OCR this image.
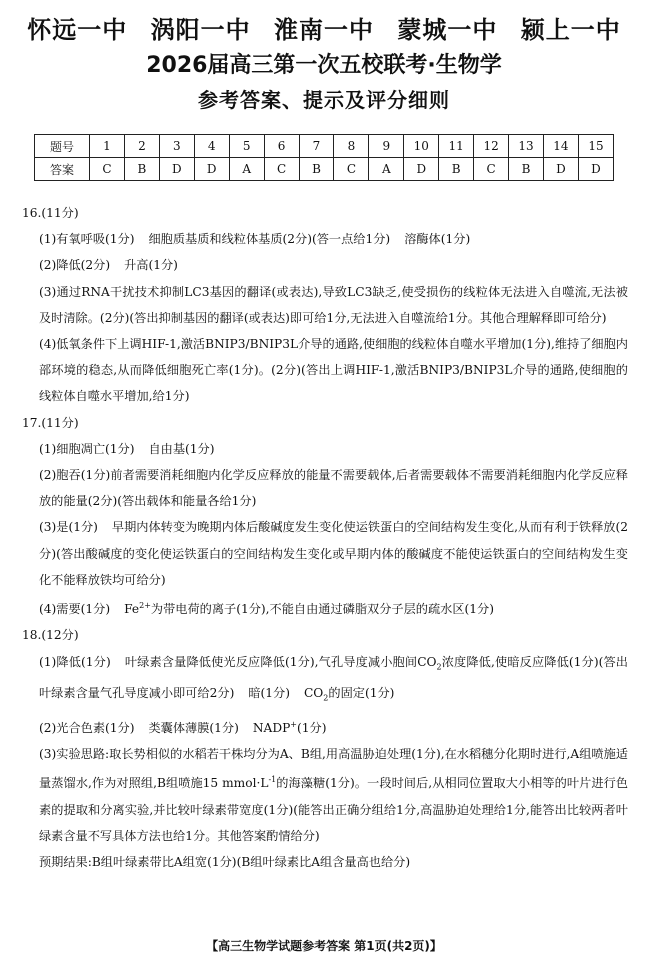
怀远一中 涡阳一中 淮南一中 蒙城一中 颍上一中
2026届高三第一次五校联考·生物学
参考答案、提示及评分细则
题号	1	2	3	4	5	6	7	8	9	10	11	12	13	14	15
答案	C	B	D	D	A	C	B	C	A	D	B	C	B	D	D
16.(11分)
(1)有氧呼吸(1分) 细胞质基质和线粒体基质(2分)(答一点给1分) 溶酶体(1分)
(2)降低(2分) 升高(1分)
(3)通过RNA干扰技术抑制LC3基因的翻译(或表达),导致LC3缺乏,使受损伤的线粒体无法进入自噬流,无法被及时清除。(2分)(答出抑制基因的翻译(或表达)即可给1分,无法进入自噬流给1分。其他合理解释即可给分)
(4)低氧条件下上调HIF-1,激活BNIP3/BNIP3L介导的通路,使细胞的线粒体自噬水平增加(1分),维持了细胞内部环境的稳态,从而降低细胞死亡率(1分)。(2分)(答出上调HIF-1,激活BNIP3/BNIP3L介导的通路,使细胞的线粒体自噬水平增加,给1分)
17.(11分)
(1)细胞凋亡(1分) 自由基(1分)
(2)胞吞(1分)前者需要消耗细胞内化学反应释放的能量不需要载体,后者需要载体不需要消耗细胞内化学反应释放的能量(2分)(答出载体和能量各给1分)
(3)是(1分) 早期内体转变为晚期内体后酸碱度发生变化使运铁蛋白的空间结构发生变化,从而有利于铁释放(2分)(答出酸碱度的变化使运铁蛋白的空间结构发生变化或早期内体的酸碱度不能使运铁蛋白的空间结构发生变化不能释放铁均可给分)
(4)需要(1分) $Fe^{2+}$为带电荷的离子(1分),不能自由通过磷脂双分子层的疏水区(1分)
18.(12分)
(1)降低(1分) 叶绿素含量降低使光反应降低(1分),气孔导度减小胞间$CO_2$浓度降低,使暗反应降低(1分)(答出叶绿素含量气孔导度减小即可给2分) 暗(1分) $CO_2$的固定(1分)
(2)光合色素(1分) 类囊体薄膜(1分) NADP+(1分)
(3)实验思路:取长势相似的水稻若干株均分为A、B组,用高温胁迫处理(1分),在水稻穗分化期时进行,A组喷施适量蒸馏水,作为对照组,B组喷施15 $mmol\cdot L^{-1}$的海藻糖(1分)。一段时间后,从相同位置取大小相等的叶片进行色素的提取和分离实验,并比较叶绿素带宽度(1分)(能答出正确分组给1分,高温胁迫处理给1分,能答出比较两者叶绿素含量不写具体方法也给1分。其他答案酌情给分)
预期结果:B组叶绿素带比A组宽(1分)(B组叶绿素比A组含量高也给分)
【高三生物学试题参考答案 第1页(共2页)】
